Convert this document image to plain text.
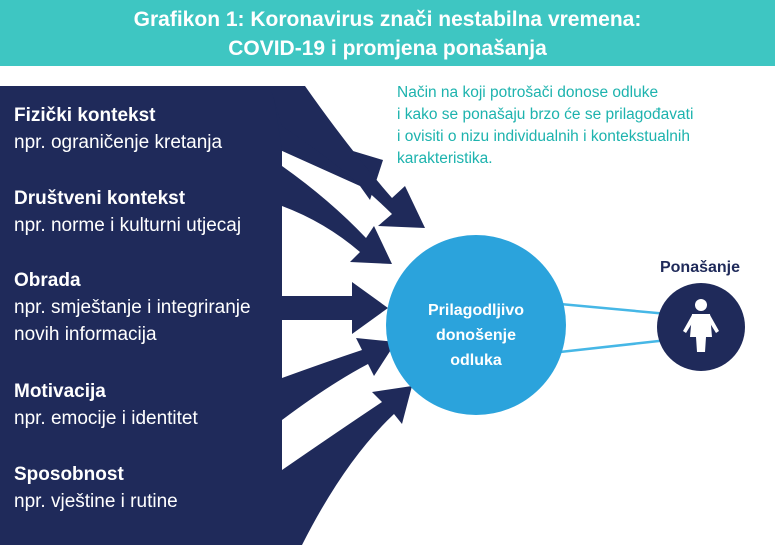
Grafikon 1: Koronavirus znači nestabilna vremena:
COVID-19 i promjena ponašanja
Fizički kontekst
npr. ograničenje kretanja
Društveni kontekst
npr. norme i kulturni utjecaj
Obrada
npr. smještanje i integriranje
novih informacija
Motivacija
npr. emocije i identitet
Sposobnost
npr. vještine i rutine
Način na koji potrošači donose odluke
i kako se ponašaju brzo će se prilagođavati
i ovisiti o nizu individualnih i kontekstualnih
karakteristika.
Prilagodljivo
donošenje
odluka
Ponašanje
